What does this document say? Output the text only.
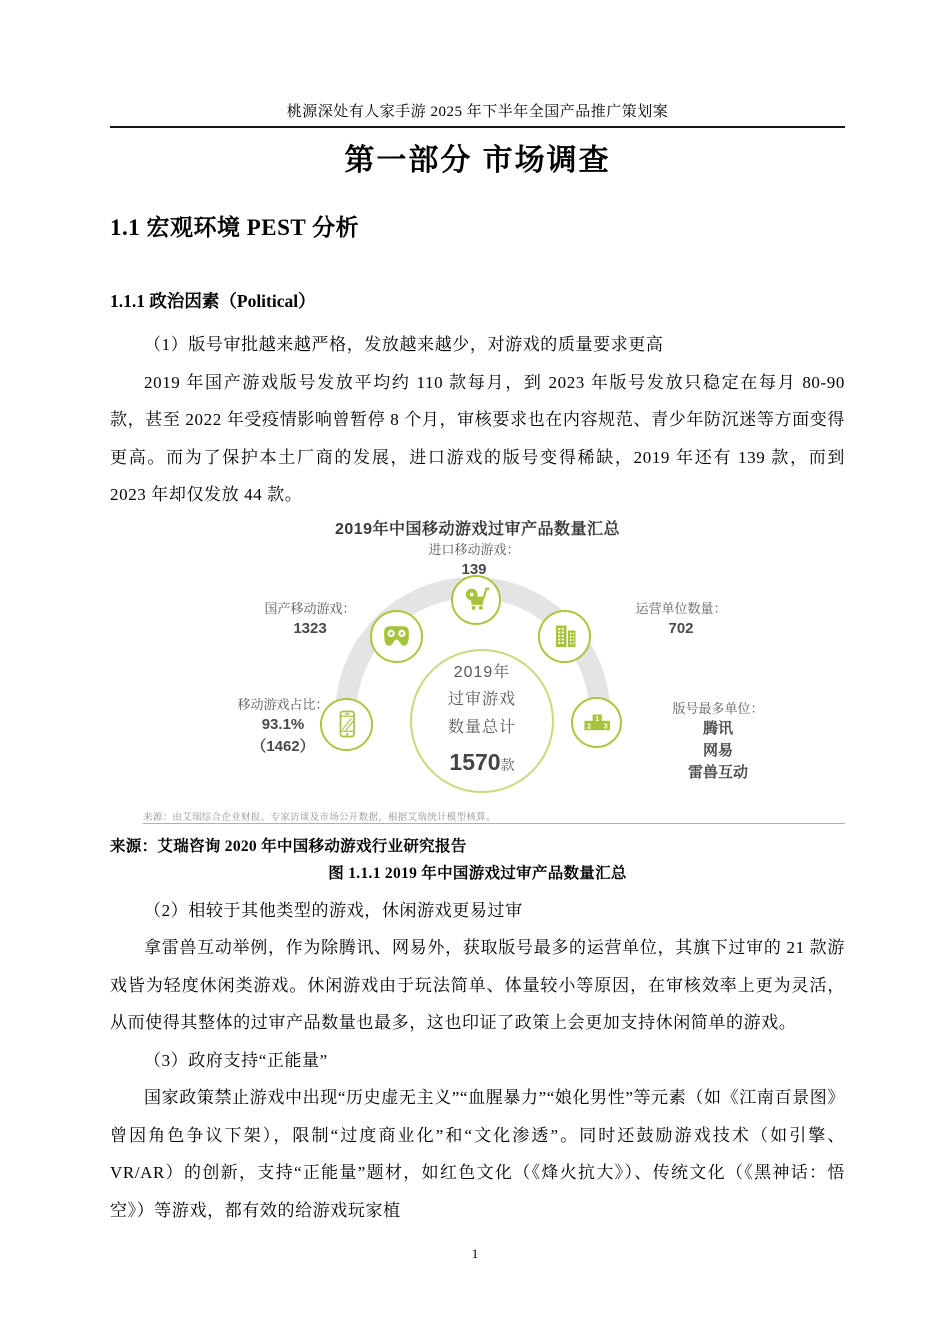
桃源深处有人家手游 2025 年下半年全国产品推广策划案
第一部分 市场调查
1.1 宏观环境 PEST 分析
1.1.1 政治因素（Political）

（1）版号审批越来越严格，发放越来越少，对游戏的质量要求更高

2019 年国产游戏版号发放平均约 110 款每月，到 2023 年版号发放只稳定在每月 80-90 款，甚至 2022 年受疫情影响曾暂停 8 个月，审核要求也在内容规范、青少年防沉迷等方面变得更高。而为了保护本土厂商的发展，进口游戏的版号变得稀缺，2019 年还有 139 款，而到 2023 年却仅发放 44 款。

2019年中国移动游戏过审产品数量汇总
进口移动游戏：
139
国产移动游戏：
1323
运营单位数量：
702
移动游戏占比：
93.1%
（1462）
版号最多单位：
腾讯
网易
雷兽互动
1
2 3
2019年
过审游戏
数量总计
1570款
来源：由艾瑞综合企业财报、专家访谈及市场公开数据，根据艾瑞统计模型核算。

来源：艾瑞咨询 2020 年中国移动游戏行业研究报告

图 1.1.1 2019 年中国游戏过审产品数量汇总

（2）相较于其他类型的游戏，休闲游戏更易过审

拿雷兽互动举例，作为除腾讯、网易外，获取版号最多的运营单位，其旗下过审的 21 款游戏皆为轻度休闲类游戏。休闲游戏由于玩法简单、体量较小等原因，在审核效率上更为灵活，从而使得其整体的过审产品数量也最多，这也印证了政策上会更加支持休闲简单的游戏。

（3）政府支持“正能量”

国家政策禁止游戏中出现“历史虚无主义”“血腥暴力”“娘化男性”等元素（如《江南百景图》曾因角色争议下架），限制“过度商业化”和“文化渗透”。同时还鼓励游戏技术（如引擎、VR/AR）的创新，支持“正能量”题材，如红色文化（《烽火抗大》）、传统文化（《黑神话：悟空》）等游戏，都有效的给游戏玩家植

1
